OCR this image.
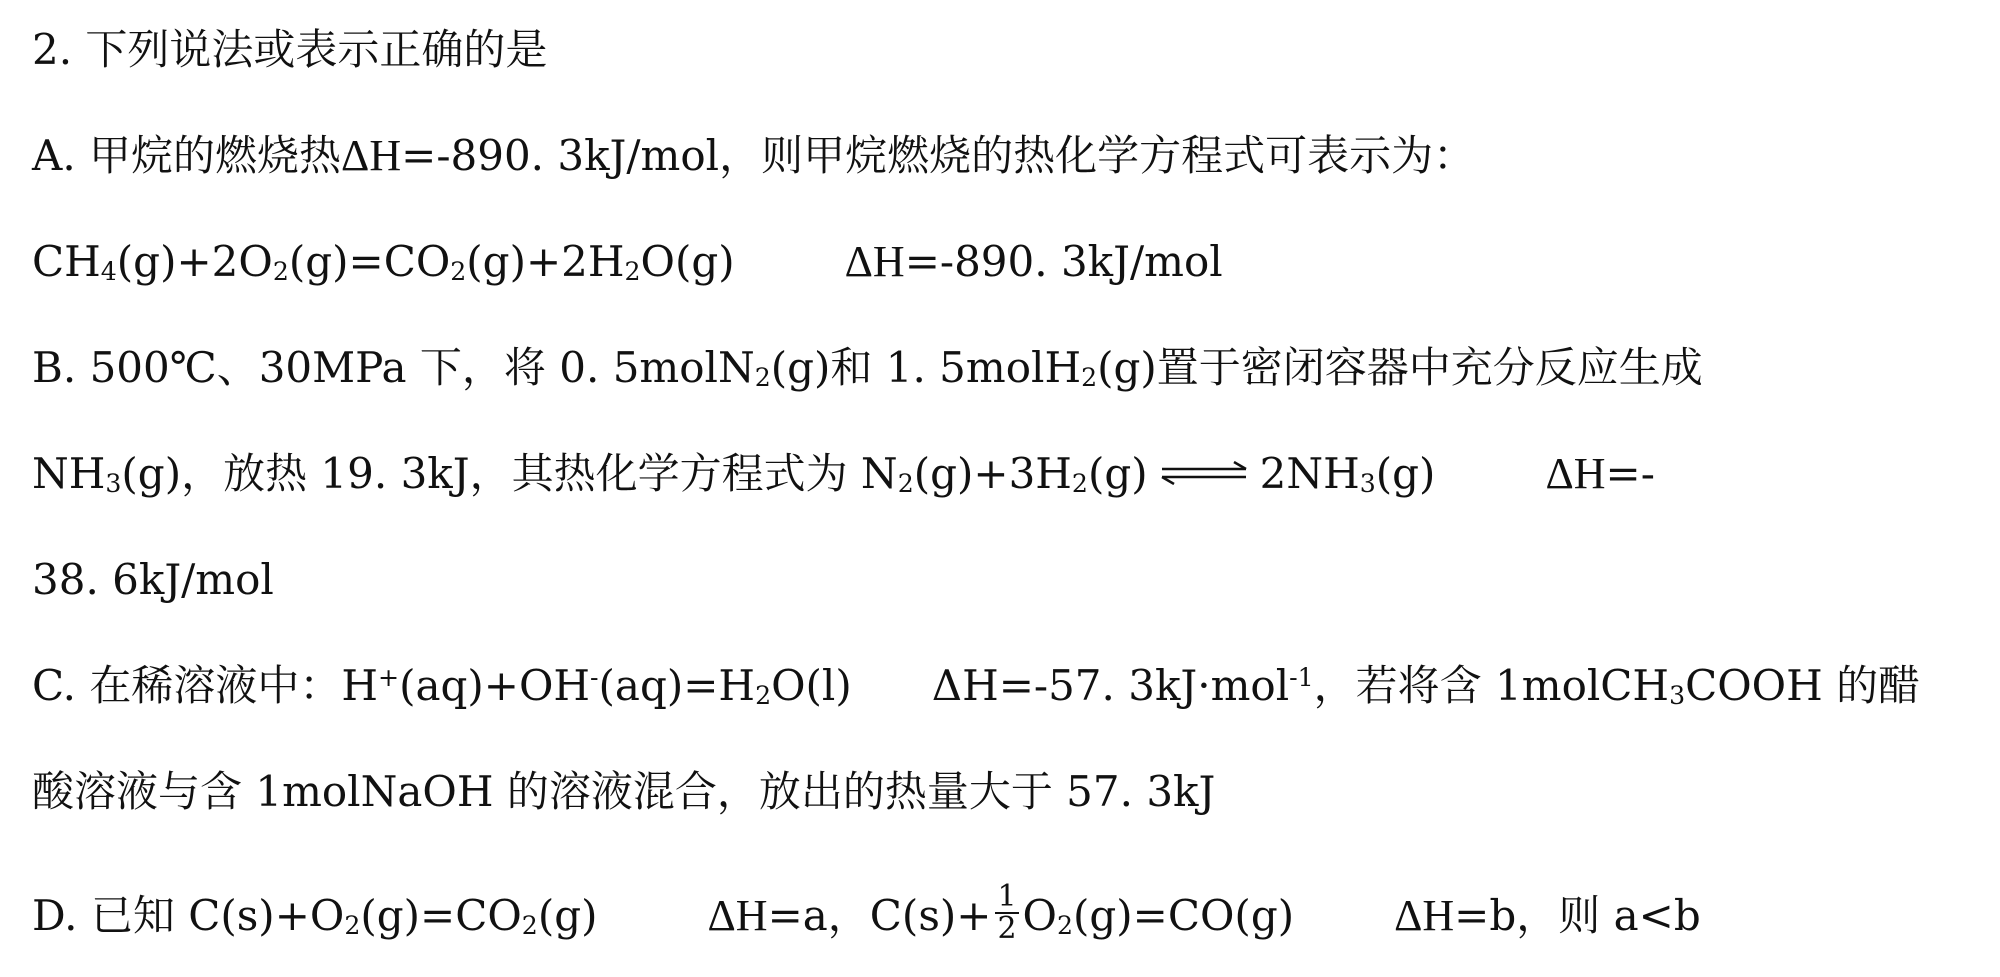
2. 下列说法或表示正确的是
A. 甲烷的燃烧热ΔH=-890. 3kJ/mol，则甲烷燃烧的热化学方程式可表示为：
$CH_4(g)+2O_2(g)=CO_2(g)+2H_2O(g)$	ΔH=-890. 3kJ/mol
B. 500℃、30MPa 下，将 0. 5molN$_2$(g)和 1. 5molH$_2$(g)置于密闭容器中充分反应生成
$NH_3(g)$，放热 19. 3kJ，其热化学方程式为 $N_2(g)+3H_2(g)$ ⇌ $2NH_3(g)$	ΔH=-
38. 6kJ/mol
C. 在稀溶液中：$H^+(aq)+OH^-(aq)=H_2O(l)$ ΔH=-57. 3kJ·mol$^{-1}$，若将含 1molCH$_3$COOH 的醋
酸溶液与含 1molNaOH 的溶液混合，放出的热量大于 57. 3kJ
D. 已知 $C(s)+O_2(g)=CO_2(g)$	ΔH=a，$C(s)+ \frac{1}{2} O_2(g)=CO(g)$ ΔH=b，则 a<b
